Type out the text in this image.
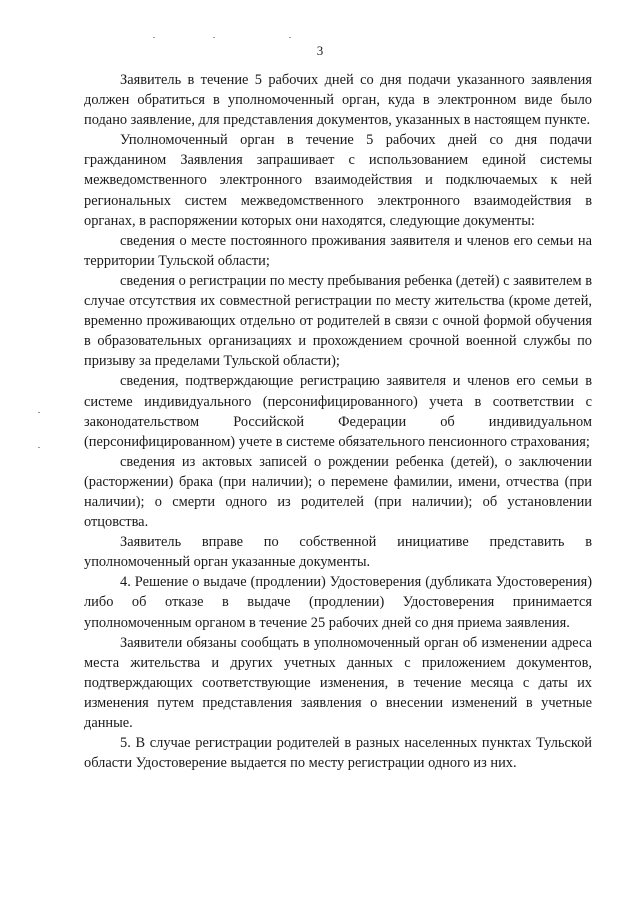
3

Заявитель в течение 5 рабочих дней со дня подачи указанного заявления должен обратиться в уполномоченный орган, куда в электронном виде было подано заявление, для представления документов, указанных в настоящем пункте.

Уполномоченный орган в течение 5 рабочих дней со дня подачи гражданином Заявления запрашивает с использованием единой системы межведомственного электронного взаимодействия и подключаемых к ней региональных систем межведомственного электронного взаимодействия в органах, в распоряжении которых они находятся, следующие документы:

сведения о месте постоянного проживания заявителя и членов его семьи на территории Тульской области;

сведения о регистрации по месту пребывания ребенка (детей) с заявителем в случае отсутствия их совместной регистрации по месту жительства (кроме детей, временно проживающих отдельно от родителей в связи с очной формой обучения в образовательных организациях и прохождением срочной военной службы по призыву за пределами Тульской области);

сведения, подтверждающие регистрацию заявителя и членов его семьи в системе индивидуального (персонифицированного) учета в соответствии с законодательством Российской Федерации об индивидуальном (персонифицированном) учете в системе обязательного пенсионного страхования;

сведения из актовых записей о рождении ребенка (детей), о заключении (расторжении) брака (при наличии); о перемене фамилии, имени, отчества (при наличии); о смерти одного из родителей (при наличии); об установлении отцовства.

Заявитель вправе по собственной инициативе представить в уполномоченный орган указанные документы.

4. Решение о выдаче (продлении) Удостоверения (дубликата Удостоверения) либо об отказе в выдаче (продлении) Удостоверения принимается уполномоченным органом в течение 25 рабочих дней со дня приема заявления.

Заявители обязаны сообщать в уполномоченный орган об изменении адреса места жительства и других учетных данных с приложением документов, подтверждающих соответствующие изменения, в течение месяца с даты их изменения путем представления заявления о внесении изменений в учетные данные.

5. В случае регистрации родителей в разных населенных пунктах Тульской области Удостоверение выдается по месту регистрации одного из них.
